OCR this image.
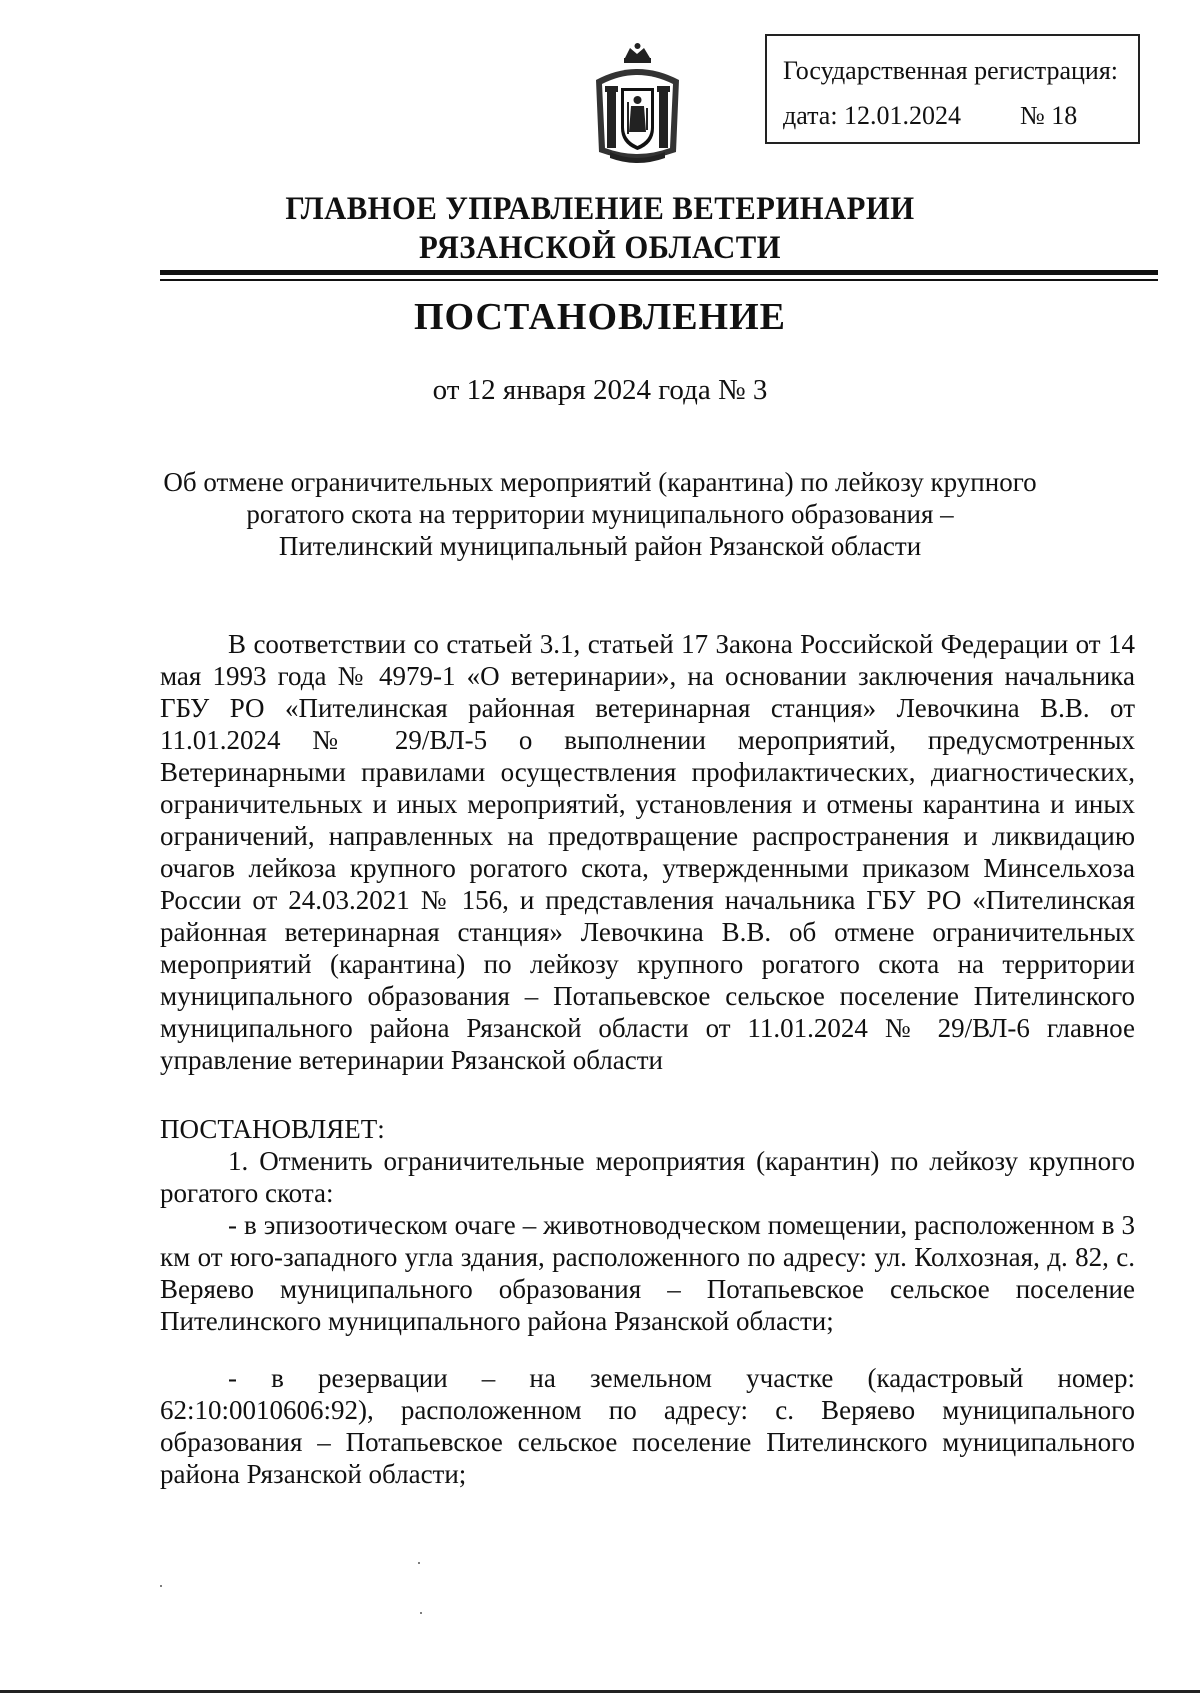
Государственная регистрация:
дата: 12.01.2024 № 18
ГЛАВНОЕ УПРАВЛЕНИЕ ВЕТЕРИНАРИИ
РЯЗАНСКОЙ ОБЛАСТИ
ПОСТАНОВЛЕНИЕ
от 12 января 2024 года № 3
Об отмене ограничительных мероприятий (карантина) по лейкозу крупного
рогатого скота на территории муниципального образования –
Пителинский муниципальный район Рязанской области

В соответствии со статьей 3.1, статьей 17 Закона Российской Федерации от 14 мая 1993 года № 4979-1 «О ветеринарии», на основании заключения начальника ГБУ РО «Пителинская районная ветеринарная станция» Левочкина В.В. от 11.01.2024 № 29/ВЛ-5 о выполнении мероприятий, предусмотренных Ветеринарными правилами осуществления профилактических, диагностических, ограничительных и иных мероприятий, установления и отмены карантина и иных ограничений, направленных на предотвращение распространения и ликвидацию очагов лейкоза крупного рогатого скота, утвержденными приказом Минсельхоза России от 24.03.2021 № 156, и представления начальника ГБУ РО «Пителинская районная ветеринарная станция» Левочкина В.В. об отмене ограничительных мероприятий (карантина) по лейкозу крупного рогатого скота на территории муниципального образования – Потапьевское сельское поселение Пителинского муниципального района Рязанской области от 11.01.2024 № 29/ВЛ-6 главное управление ветеринарии Рязанской области

ПОСТАНОВЛЯЕТ:

1. Отменить ограничительные мероприятия (карантин) по лейкозу крупного рогатого скота:

- в эпизоотическом очаге – животноводческом помещении, расположенном в 3 км от юго-западного угла здания, расположенного по адресу: ул. Колхозная, д. 82, с. Веряево муниципального образования – Потапьевское сельское поселение Пителинского муниципального района Рязанской области;

- в резервации – на земельном участке (кадастровый номер: 62:10:0010606:92), расположенном по адресу: с. Веряево муниципального образования – Потапьевское сельское поселение Пителинского муниципального района Рязанской области;
